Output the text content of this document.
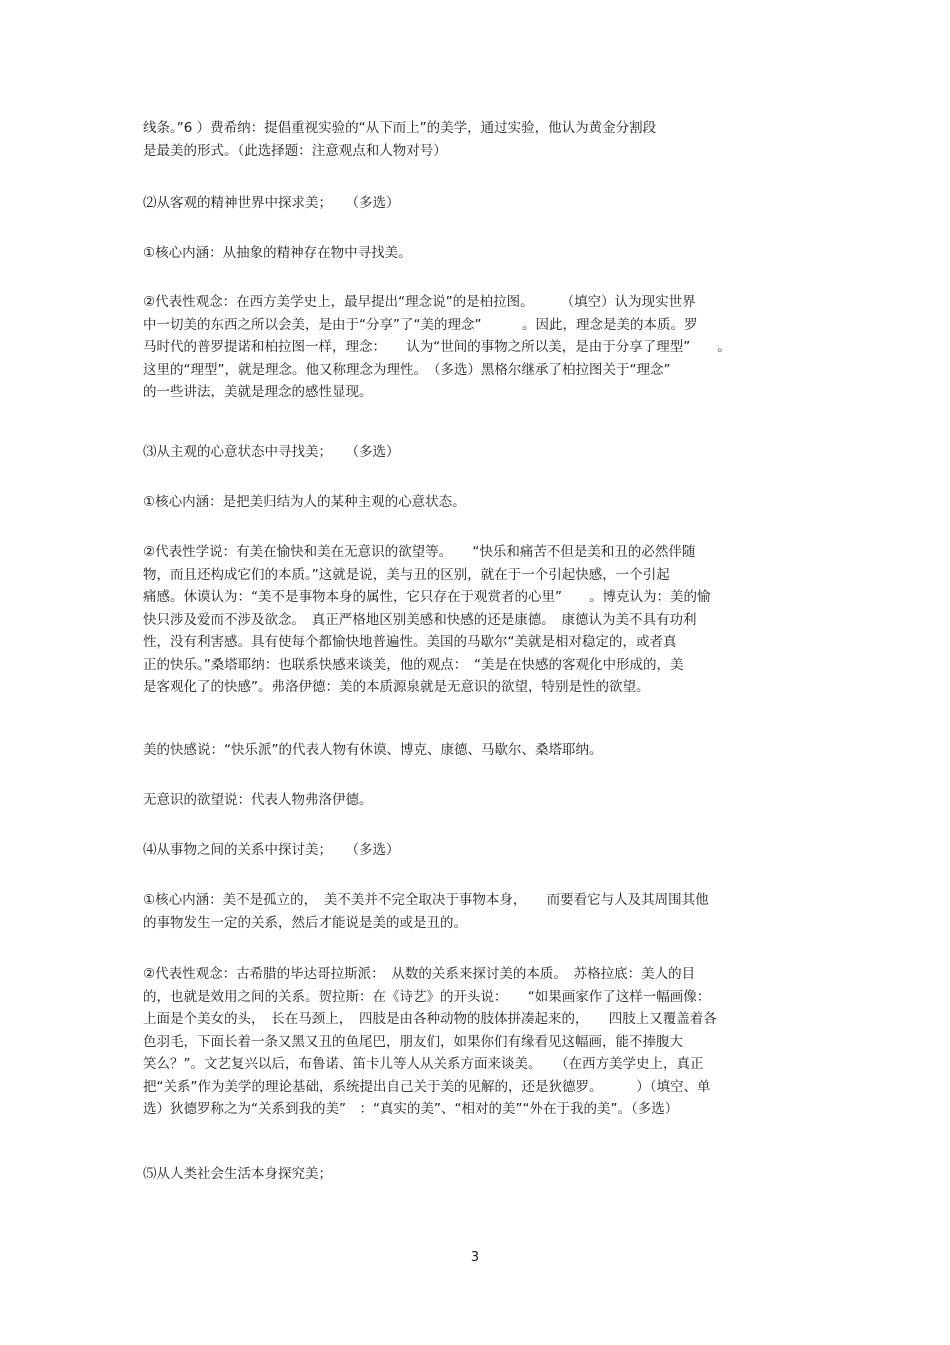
线条。”6 ）费希纳：提倡重视实验的“从下而上”的美学，通过实验，他认为黄金分割段
是最美的形式。（此选择题：注意观点和人物对号）
⑵从客观的精神世界中探求美；　　（多选）
①核心内涵：从抽象的精神存在物中寻找美。
②代表性观念：在西方美学史上，最早提出“理念说”的是柏拉图。　　　（填空）认为现实世界
中一切美的东西之所以会美，是由于“分享”了“美的理念”　　　。因此，理念是美的本质。罗
马时代的普罗提诺和柏拉图一样，理念：　　认为“世间的事物之所以美，是由于分享了理型”　　。
这里的“理型”，就是理念。他又称理念为理性。　（多选）黑格尔继承了柏拉图关于“理念”
的一些讲法，美就是理念的感性显现。
⑶从主观的心意状态中寻找美；　　（多选）
①核心内涵：是把美归结为人的某种主观的心意状态。
②代表性学说：有美在愉快和美在无意识的欲望等。　　“快乐和痛苦不但是美和丑的必然伴随
物，而且还构成它们的本质。”这就是说，美与丑的区别，就在于一个引起快感，一个引起
痛感。休谟认为：“美不是事物本身的属性，它只存在于观赏者的心里”　　。博克认为：美的愉
快只涉及爱而不涉及欲念。　真正严格地区别美感和快感的还是康德。　康德认为美不具有功利
性，没有利害感。具有使每个都愉快地普遍性。美国的马歇尔“美就是相对稳定的，或者真
正的快乐。”桑塔耶纳：也联系快感来谈美，他的观点：　“美是在快感的客观化中形成的，美
是客观化了的快感”。弗洛伊德：美的本质源泉就是无意识的欲望，特别是性的欲望。
美的快感说：“快乐派”的代表人物有休谟、博克、康德、马歇尔、桑塔耶纳。
无意识的欲望说：代表人物弗洛伊德。
⑷从事物之间的关系中探讨美；　　（多选）
①核心内涵：美不是孤立的，　美不美并不完全取决于事物本身，　　而要看它与人及其周围其他
的事物发生一定的关系，然后才能说是美的或是丑的。
②代表性观念：古希腊的毕达哥拉斯派：　从数的关系来探讨美的本质。　苏格拉底：美人的目
的，也就是效用之间的关系。贺拉斯：在《诗艺》的开头说：　　“如果画家作了这样一幅画像：
上面是个美女的头，　长在马颈上，　四肢是由各种动物的肢体拼凑起来的，　　四肢上又覆盖着各
色羽毛，下面长着一条又黑又丑的鱼尾巴，朋友们，如果你们有缘看见这幅画，能不捧腹大
笑么？”。文艺复兴以后，布鲁诺、笛卡儿等人从关系方面来谈美。　　（在西方美学史上，真正
把“关系”作为美学的理论基础，系统提出自己关于美的见解的，还是狄德罗。　　　）（填空、单
选）狄德罗称之为“关系到我的美”　：“真实的美”、“相对的美”“外在于我的美”。（多选）
⑸从人类社会生活本身探究美；
3
